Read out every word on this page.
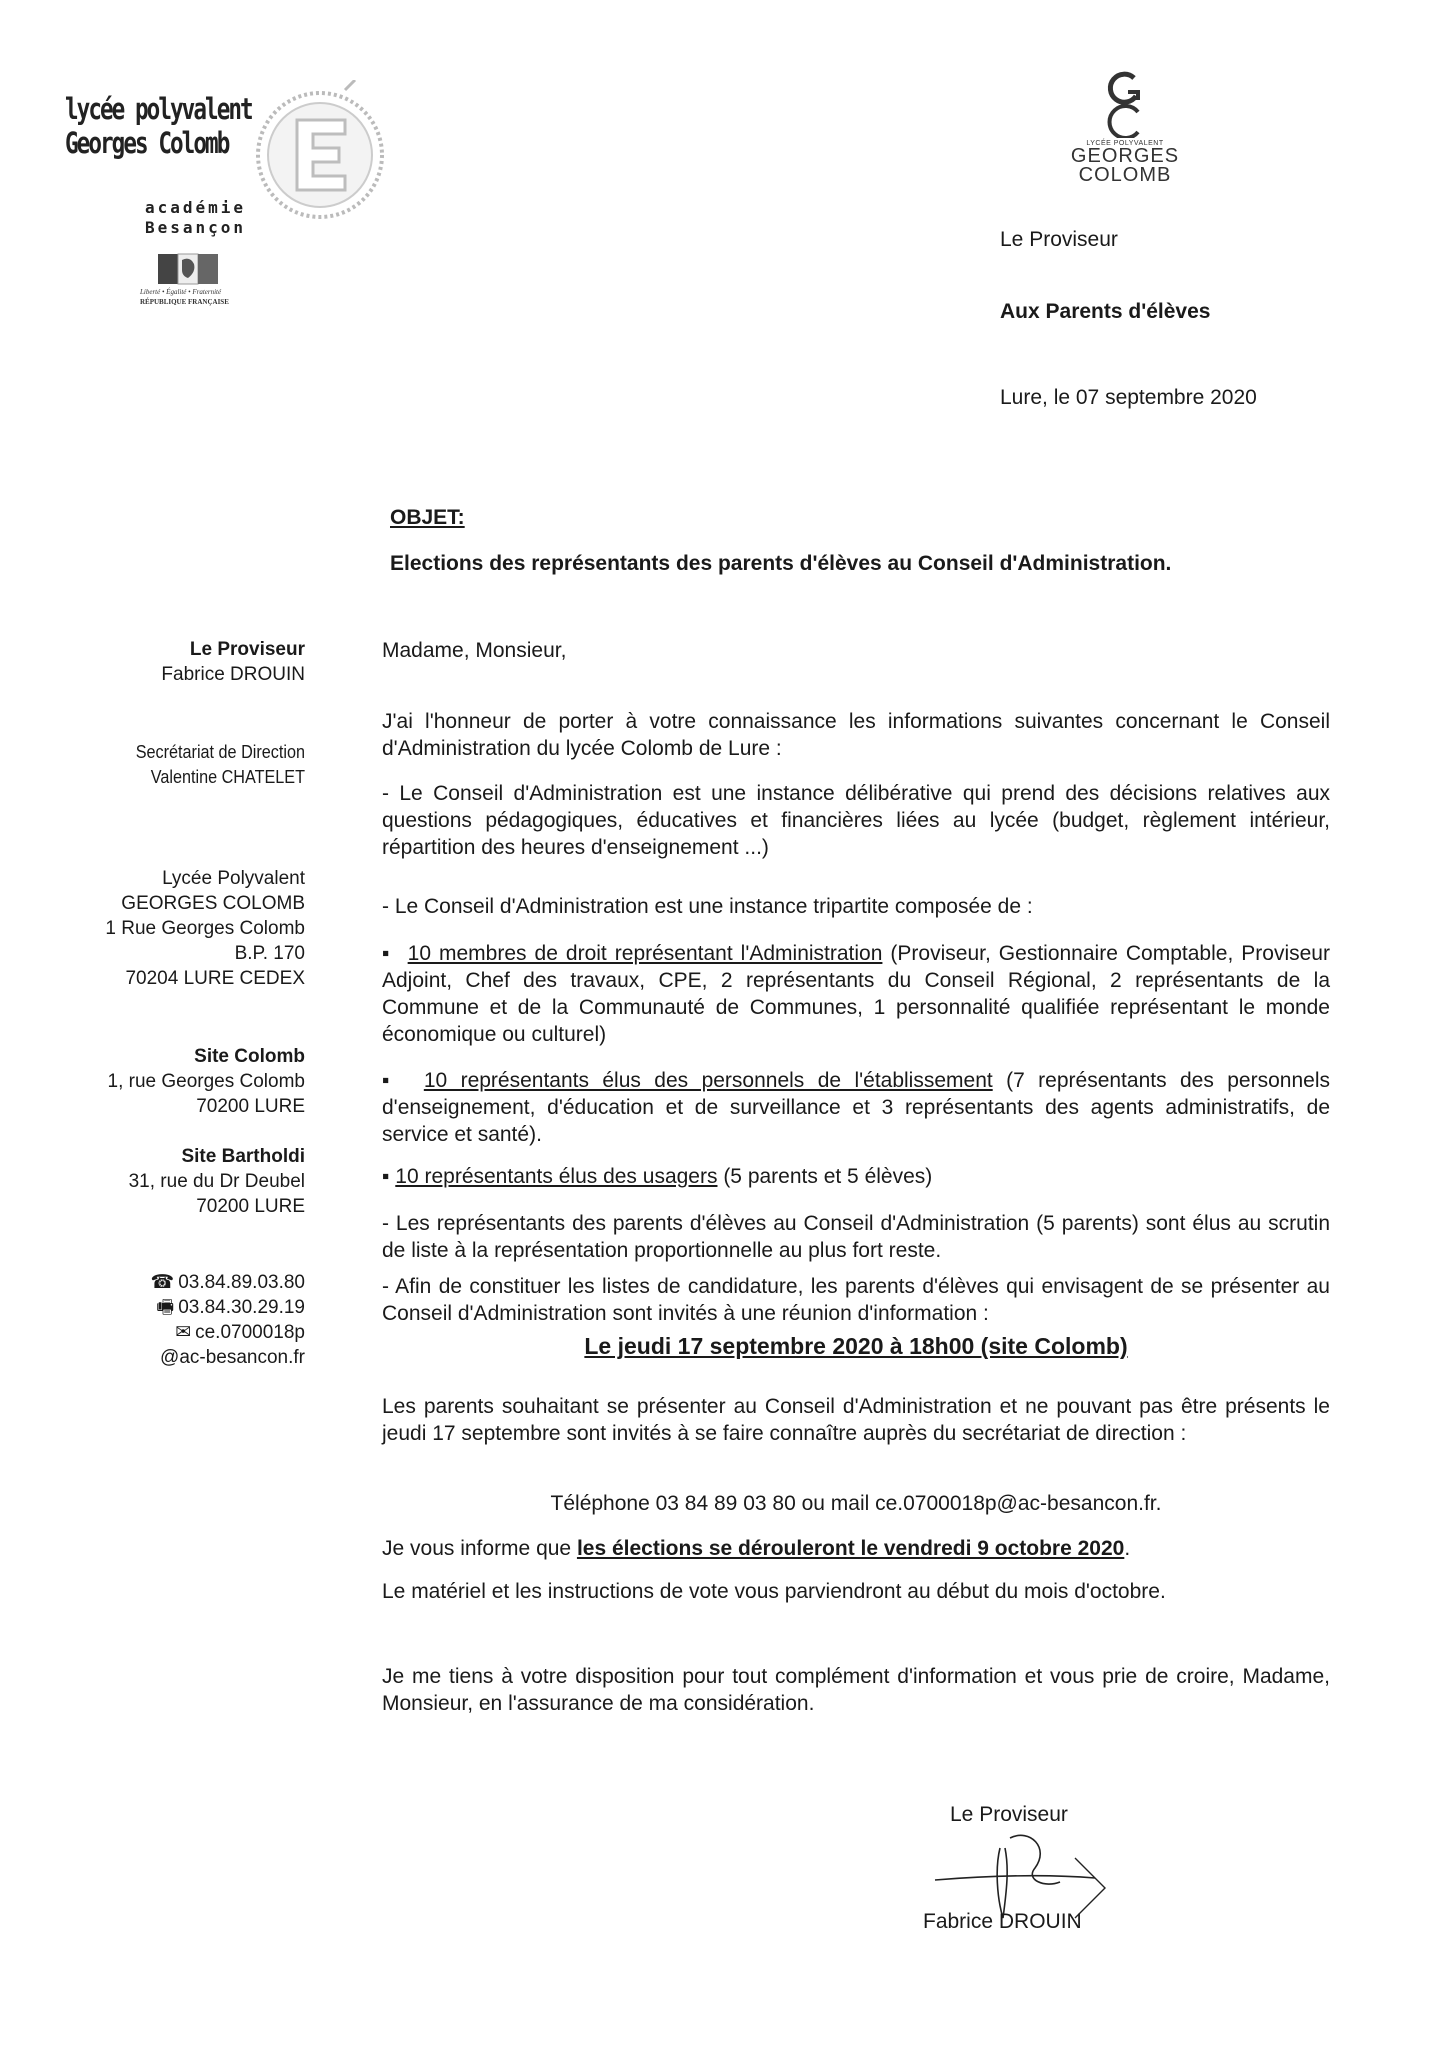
lycée polyvalent
Georges Colomb
académie
Besançon
Liberté • Égalité • Fraternité
RÉPUBLIQUE FRANÇAISE
LYCÉE POLYVALENT
GEORGES
COLOMB
Le Proviseur
Aux Parents d'élèves
Lure, le 07 septembre 2020
OBJET:
Elections des représentants des parents d'élèves au Conseil d'Administration.
Le Proviseur
Fabrice DROUIN
Secrétariat de Direction
Valentine CHATELET
Lycée Polyvalent
GEORGES COLOMB
1 Rue Georges Colomb
B.P. 170
70204 LURE CEDEX
Site Colomb
1, rue Georges Colomb
70200 LURE
Site Bartholdi
31, rue du Dr Deubel
70200 LURE
☎ 03.84.89.03.80
🖷 03.84.30.29.19
✉ ce.0700018p
@ac-besancon.fr
Madame, Monsieur,
J'ai l'honneur de porter à votre connaissance les informations suivantes concernant le Conseil d'Administration du lycée Colomb de Lure :
- Le Conseil d'Administration est une instance délibérative qui prend des décisions relatives aux questions pédagogiques, éducatives et financières liées au lycée (budget, règlement intérieur, répartition des heures d'enseignement ...)
- Le Conseil d'Administration est une instance tripartite composée de :

▪  10 membres de droit représentant l'Administration (Proviseur, Gestionnaire Comptable, Proviseur Adjoint, Chef des travaux, CPE, 2 représentants du Conseil Régional, 2 représentants de la Commune et de la Communauté de Communes, 1 personnalité qualifiée représentant le monde économique ou culturel)

▪  10 représentants élus des personnels de l'établissement (7 représentants des personnels d'enseignement, d'éducation et de surveillance et 3 représentants des agents administratifs, de service et santé).

▪ 10 représentants élus des usagers (5 parents et 5 élèves)

- Les représentants des parents d'élèves au Conseil d'Administration (5 parents) sont élus au scrutin de liste à la représentation proportionnelle au plus fort reste.
- Afin de constituer les listes de candidature, les parents d'élèves qui envisagent de se présenter au Conseil d'Administration sont invités à une réunion d'information :
Le jeudi 17 septembre 2020 à 18h00 (site Colomb)
Les parents souhaitant se présenter au Conseil d'Administration et ne pouvant pas être présents le jeudi 17 septembre sont invités à se faire connaître auprès du secrétariat de direction :
Téléphone 03 84 89 03 80 ou mail ce.0700018p@ac-besancon.fr.

Je vous informe que les élections se dérouleront le vendredi 9 octobre 2020.

Le matériel et les instructions de vote vous parviendront au début du mois d'octobre.
Je me tiens à votre disposition pour tout complément d'information et vous prie de croire, Madame, Monsieur, en l'assurance de ma considération.
Le Proviseur
Fabrice DROUIN
